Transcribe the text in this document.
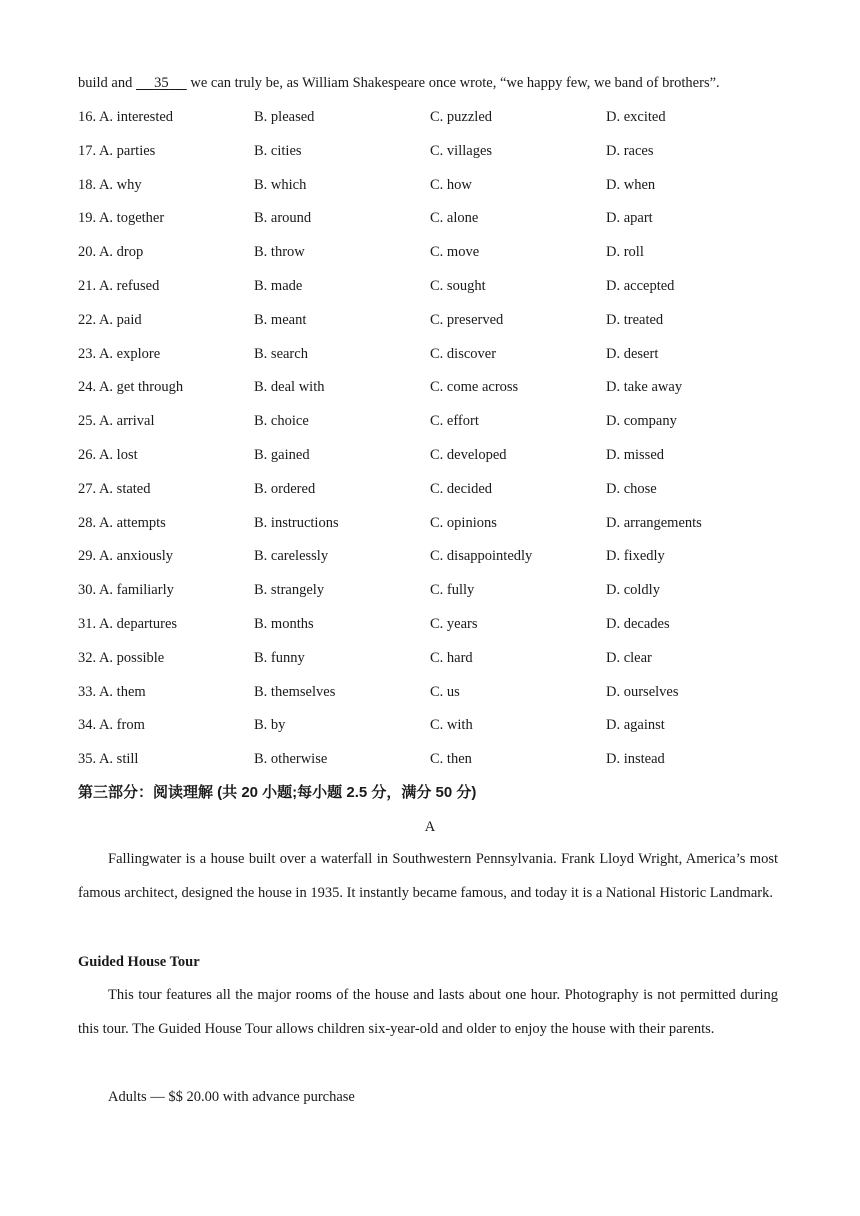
build and      35      we can truly be, as William Shakespeare once wrote, “we happy few, we band of brothers”.
16. A. interested	B. pleased	C. puzzled	D. excited
17. A. parties	B. cities	C. villages	D. races
18. A. why	B. which	C. how	D. when
19. A. together	B. around	C. alone	D. apart
20. A. drop	B. throw	C. move	D. roll
21. A. refused	B. made	C. sought	D. accepted
22. A. paid	B. meant	C. preserved	D. treated
23. A. explore	B. search	C. discover	D. desert
24. A. get through	B. deal with	C. come across	D. take away
25. A. arrival	B. choice	C. effort	D. company
26. A. lost	B. gained	C. developed	D. missed
27. A. stated	B. ordered	C. decided	D. chose
28. A. attempts	B. instructions	C. opinions	D. arrangements
29. A. anxiously	B. carelessly	C. disappointedly	D. fixedly
30. A. familiarly	B. strangely	C. fully	D. coldly
31. A. departures	B. months	C. years	D. decades
32. A. possible	B. funny	C. hard	D. clear
33. A. them	B. themselves	C. us	D. ourselves
34. A. from	B. by	C. with	D. against
35. A. still	B. otherwise	C. then	D. instead
第三部分：阅读理解 (共 20 小题;每小题 2.5 分，满分 50 分)
A

Fallingwater is a house built over a waterfall in Southwestern Pennsylvania. Frank Lloyd Wright, America’s most famous architect, designed the house in 1935. It instantly became famous, and today it is a National Historic Landmark.

Guided House Tour

This tour features all the major rooms of the house and lasts about one hour. Photography is not permitted during this tour. The Guided House Tour allows children six-year-old and older to enjoy the house with their parents.

Adults — $$ 20.00 with advance purchase
